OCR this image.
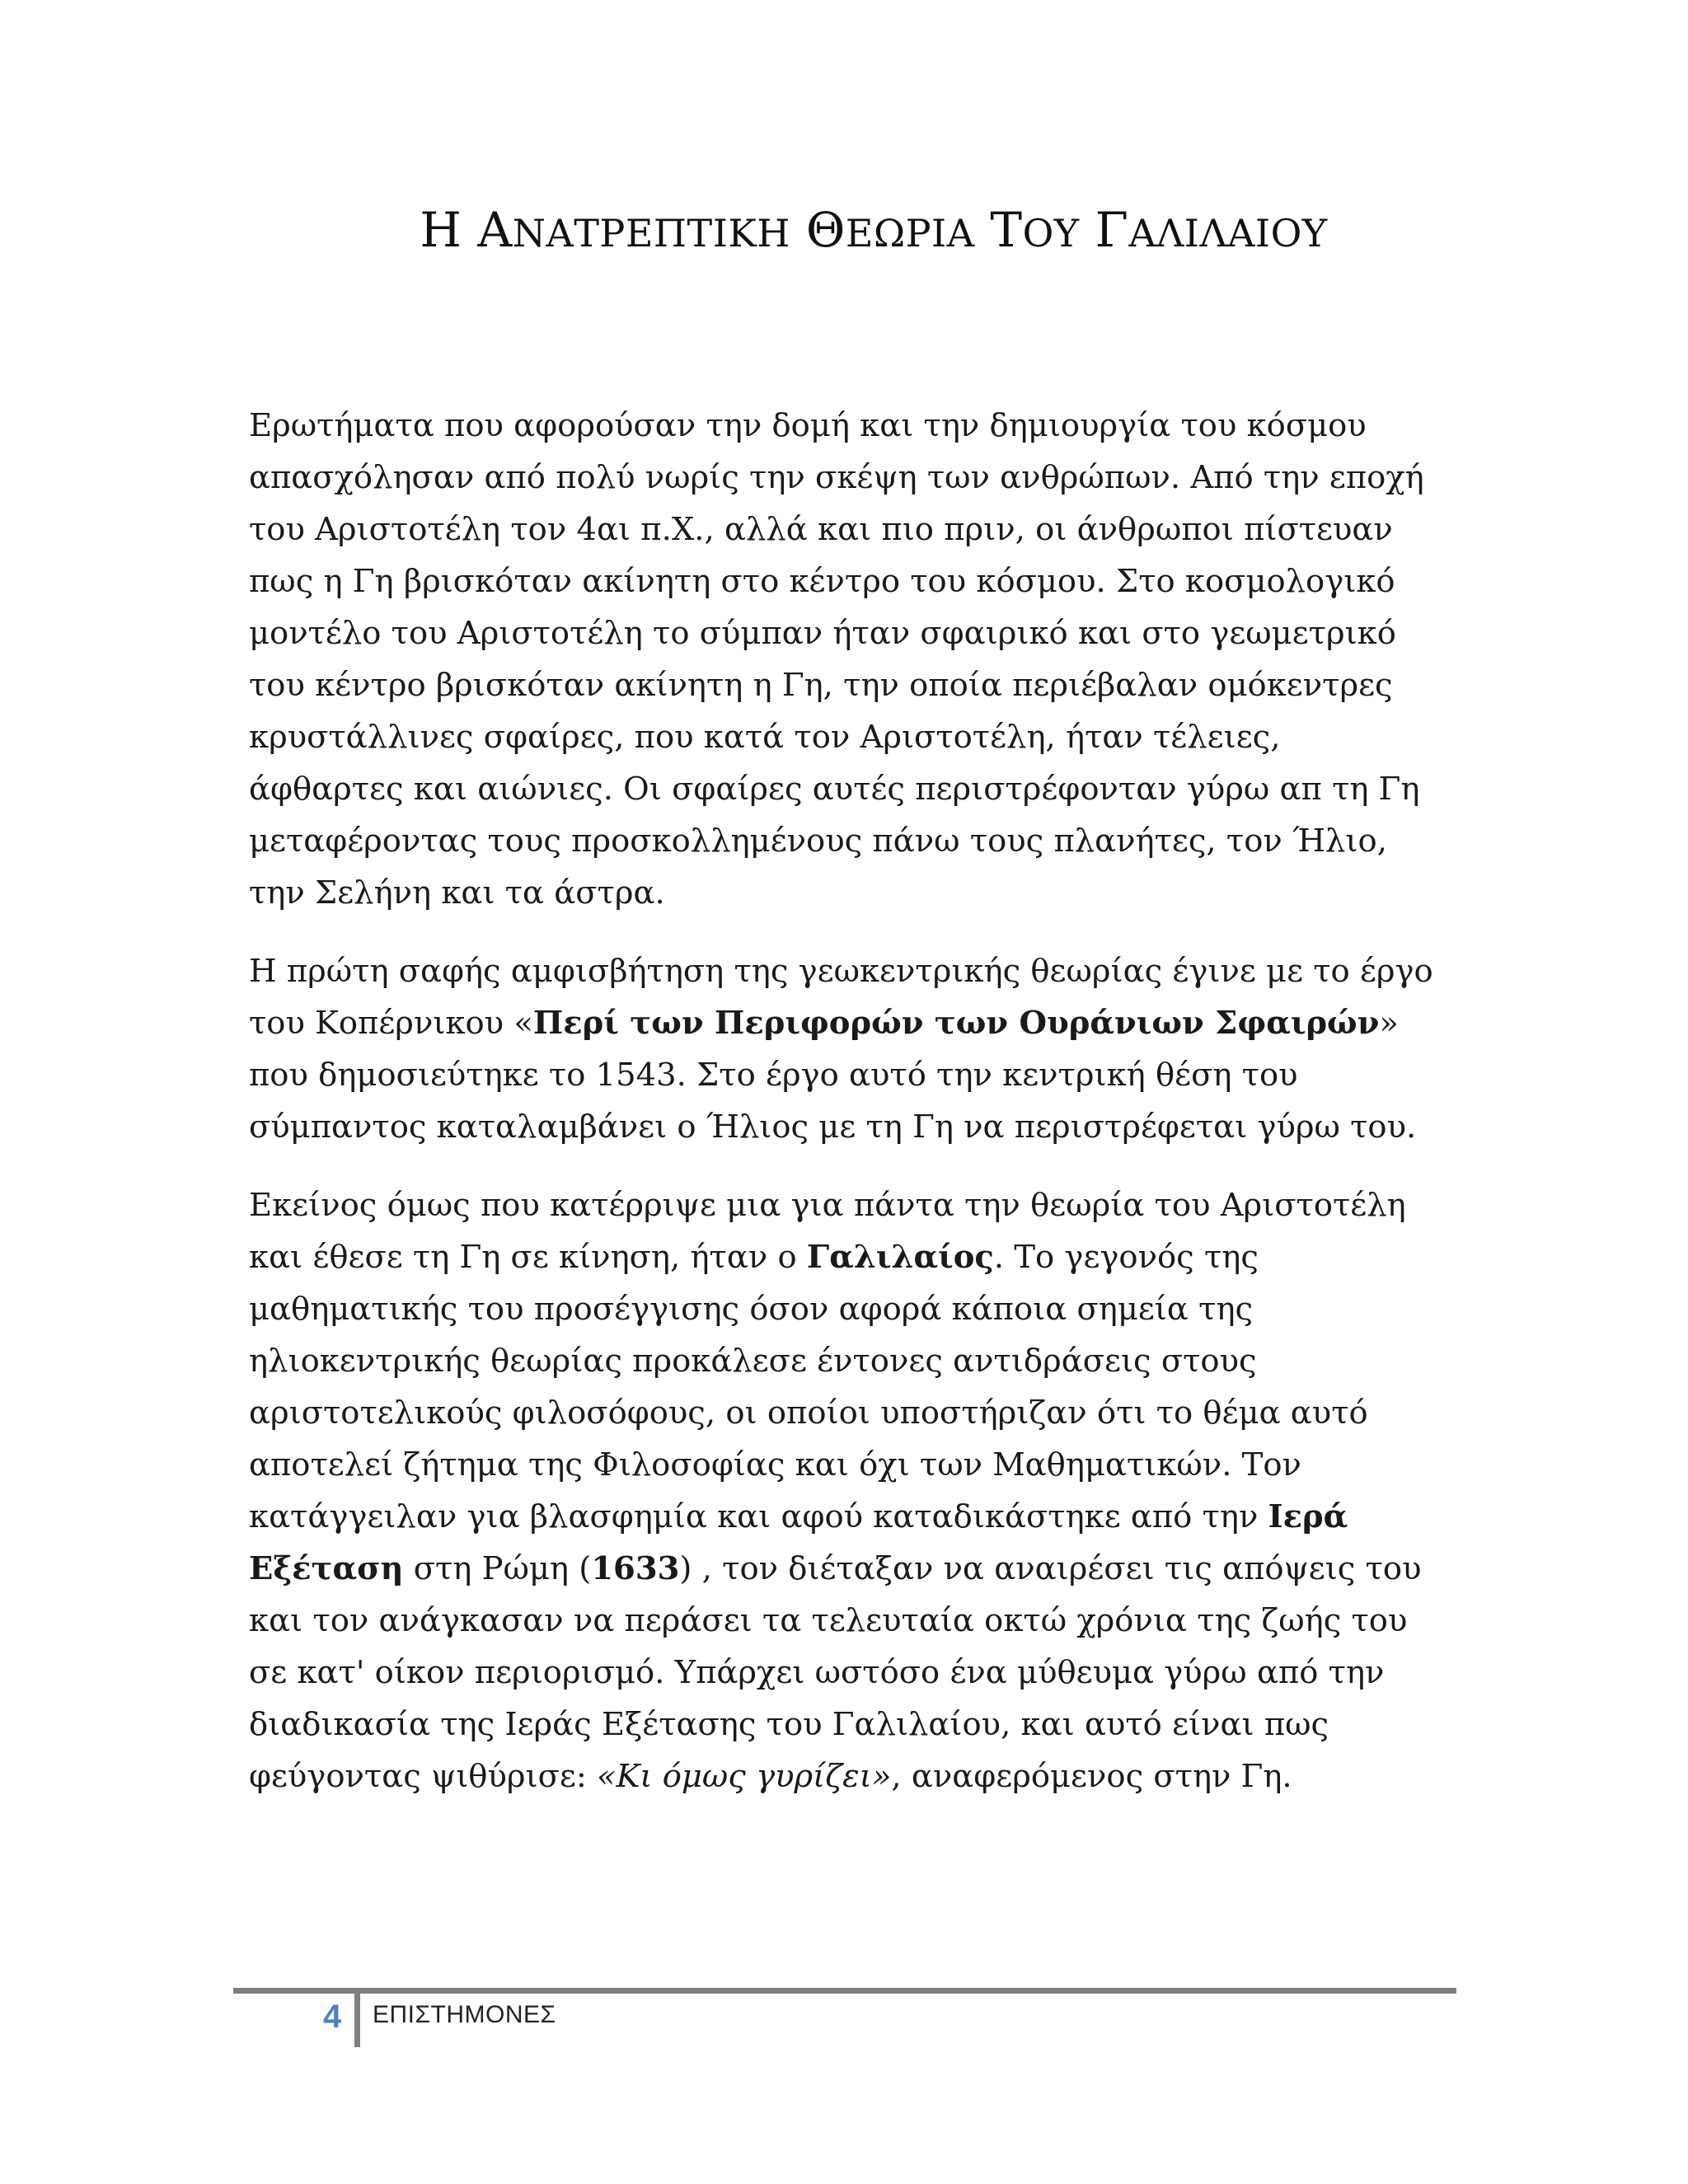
Η ΑΝΑΤΡΕΠΤΙΚΗ ΘΕΩΡΙΑ ΤΟΥ ΓΑΛΙΛΑΙΟΥ

Ερωτήματα που αφορούσαν την δομή και την δημιουργία του κόσμου απασχόλησαν από πολύ νωρίς την σκέψη των ανθρώπων. Από την εποχή του Αριστοτέλη τον 4αι π.Χ., αλλά και πιο πριν, οι άνθρωποι πίστευαν πως η Γη βρισκόταν ακίνητη στο κέντρο του κόσμου. Στο κοσμολογικό μοντέλο του Αριστοτέλη το σύμπαν ήταν σφαιρικό και στο γεωμετρικό του κέντρο βρισκόταν ακίνητη η Γη, την οποία περιέβαλαν ομόκεντρες κρυστάλλινες σφαίρες, που κατά τον Αριστοτέλη, ήταν τέλειες, άφθαρτες και αιώνιες. Οι σφαίρες αυτές περιστρέφονταν γύρω απ τη Γη μεταφέροντας τους προσκολλημένους πάνω τους πλανήτες, τον Ήλιο, την Σελήνη και τα άστρα.

Η πρώτη σαφής αμφισβήτηση της γεωκεντρικής θεωρίας έγινε με το έργο του Κοπέρνικου «Περί των Περιφορών των Ουράνιων Σφαιρών» που δημοσιεύτηκε το 1543. Στο έργο αυτό την κεντρική θέση του σύμπαντος καταλαμβάνει ο Ήλιος με τη Γη να περιστρέφεται γύρω του.

Εκείνος όμως που κατέρριψε μια για πάντα την θεωρία του Αριστοτέλη και έθεσε τη Γη σε κίνηση, ήταν ο Γαλιλαίος. Το γεγονός της μαθηματικής του προσέγγισης όσον αφορά κάποια σημεία της ηλιοκεντρικής θεωρίας προκάλεσε έντονες αντιδράσεις στους αριστοτελικούς φιλοσόφους, οι οποίοι υποστήριζαν ότι το θέμα αυτό αποτελεί ζήτημα της Φιλοσοφίας και όχι των Μαθηματικών. Τον κατάγγειλαν για βλασφημία και αφού καταδικάστηκε από την Ιερά Εξέταση στη Ρώμη (1633) , τον διέταξαν να αναιρέσει τις απόψεις του και τον ανάγκασαν να περάσει τα τελευταία οκτώ χρόνια της ζωής του σε κατ' οίκον περιορισμό. Υπάρχει ωστόσο ένα μύθευμα γύρω από την διαδικασία της Ιεράς Εξέτασης του Γαλιλαίου, και αυτό είναι πως φεύγοντας ψιθύρισε: «Κι όμως γυρίζει», αναφερόμενος στην Γη.

4 ΕΠΙΣΤΗΜΟΝΕΣ
